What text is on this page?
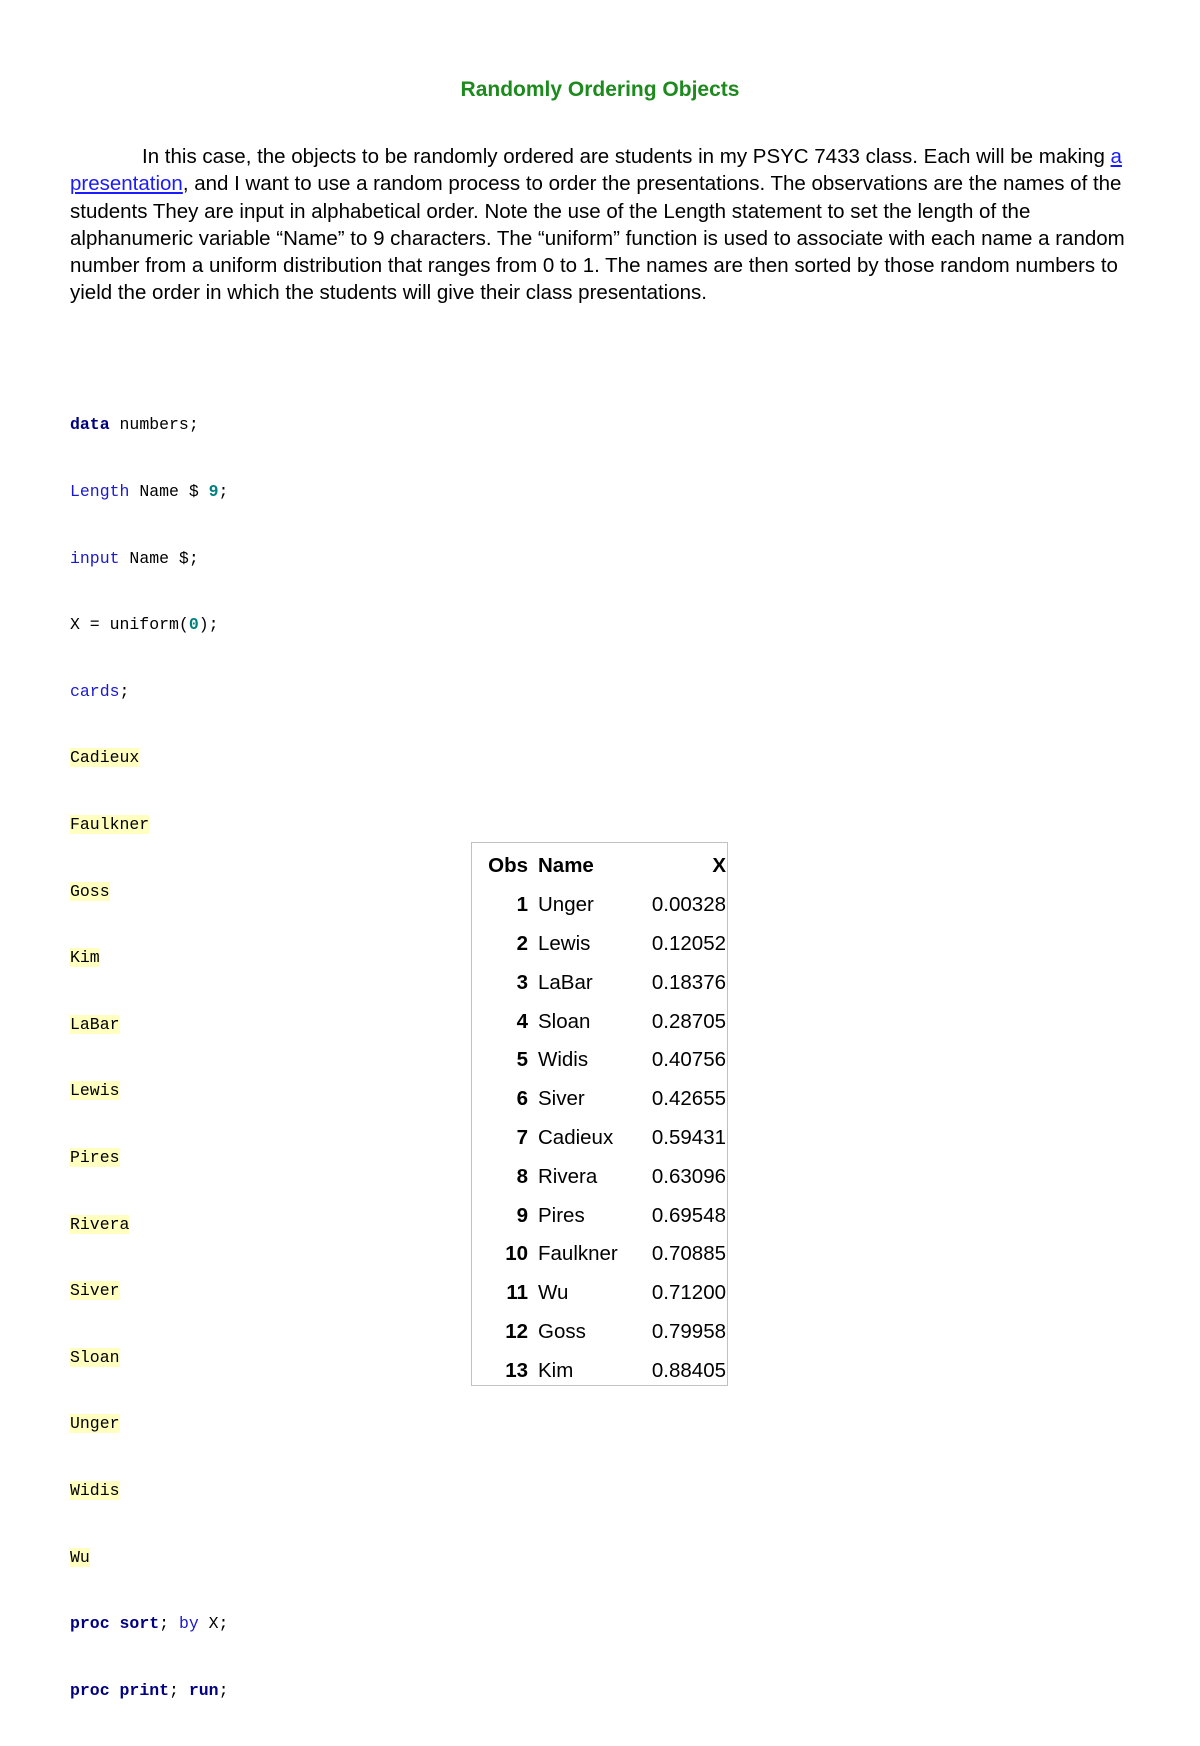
Randomly Ordering Objects
In this case, the objects to be randomly ordered are students in my PSYC 7433 class. Each will be making a presentation, and I want to use a random process to order the presentations. The observations are the names of the students They are input in alphabetical order. Note the use of the Length statement to set the length of the alphanumeric variable “Name” to 9 characters. The “uniform” function is used to associate with each name a random number from a uniform distribution that ranges from 0 to 1. The names are then sorted by those random numbers to yield the order in which the students will give their class presentations.

data numbers;

Length Name $ 9;

input Name $;

X = uniform(0);

cards;

Cadieux

Faulkner

Goss

Kim

LaBar

Lewis

Pires

Rivera

Siver

Sloan

Unger

Widis

Wu

proc sort; by X;

proc print; run;

Obs	Name	X
1	Unger	0.00328
2	Lewis	0.12052
3	LaBar	0.18376
4	Sloan	0.28705
5	Widis	0.40756
6	Siver	0.42655
7	Cadieux	0.59431
8	Rivera	0.63096
9	Pires	0.69548
10	Faulkner	0.70885
11	Wu	0.71200
12	Goss	0.79958
13	Kim	0.88405
